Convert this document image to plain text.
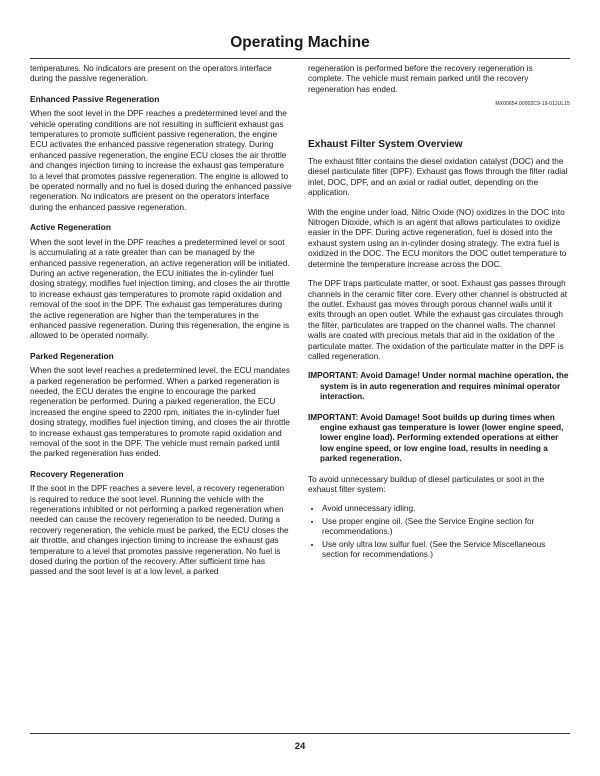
Operating Machine

temperatures. No indicators are present on the operators interface during the passive regeneration.

Enhanced Passive Regeneration

When the soot level in the DPF reaches a predetermined level and the vehicle operating conditions are not resulting in sufficient exhaust gas temperatures to promote sufficient passive regeneration, the engine ECU activates the enhanced passive regeneration strategy. During enhanced passive regeneration, the engine ECU closes the air throttle and changes injection timing to increase the exhaust gas temperature to a level that promotes passive regeneration. The engine is allowed to be operated normally and no fuel is dosed during the enhanced passive regeneration. No indicators are present on the operators interface during the enhanced passive regeneration.

Active Regeneration

When the soot level in the DPF reaches a predetermined level or soot is accumulating at a rate greater than can be managed by the enhanced passive regeneration, an active regeneration will be initiated. During an active regeneration, the ECU initiates the in-cylinder fuel dosing strategy, modifies fuel injection timing, and closes the air throttle to increase exhaust gas temperatures to promote rapid oxidation and removal of the soot in the DPF. The exhaust gas temperatures during the active regeneration are higher than the temperatures in the enhanced passive regeneration. During this regeneration, the engine is allowed to be operated normally.

Parked Regeneration

When the soot level reaches a predetermined level, the ECU mandates a parked regeneration be performed. When a parked regeneration is needed, the ECU derates the engine to encourage the parked regeneration be performed. During a parked regeneration, the ECU increased the engine speed to 2200 rpm, initiates the in-cylinder fuel dosing strategy, modifies fuel injection timing, and closes the air throttle to increase exhaust gas temperatures to promote rapid oxidation and removal of the soot in the DPF. The vehicle must remain parked until the parked regeneration has ended.

Recovery Regeneration

If the soot in the DPF reaches a severe level, a recovery regeneration is required to reduce the soot level. Running the vehicle with the regenerations inhibited or not performing a parked regeneration when needed can cause the recovery regeneration to be needed. During a recovery regeneration, the vehicle must be parked, the ECU closes the air throttle, and changes injection timing to increase the exhaust gas temperature to a level that promotes passive regeneration. No fuel is dosed during the portion of the recovery. After sufficient time has passed and the soot level is at a low level, a parked

regeneration is performed before the recovery regeneration is complete. The vehicle must remain parked until the recovery regeneration has ended.

MX00654,00002C9-19-01JUL15

Exhaust Filter System Overview

The exhaust filter contains the diesel oxidation catalyst (DOC) and the diesel particulate filter (DPF). Exhaust gas flows through the filter radial inlet, DOC, DPF, and an axial or radial outlet, depending on the application.

With the engine under load, Nitric Oxide (NO) oxidizes in the DOC into Nitrogen Dioxide, which is an agent that allows particulates to oxidize easier in the DPF. During active regeneration, fuel is dosed into the exhaust system using an in-cylinder dosing strategy. The extra fuel is oxidized in the DOC. The ECU monitors the DOC outlet temperature to determine the temperature increase across the DOC.

The DPF traps particulate matter, or soot. Exhaust gas passes through channels in the ceramic filter core. Every other channel is obstructed at the outlet. Exhaust gas moves through porous channel walls until it exits through an open outlet. While the exhaust gas circulates through the filter, particulates are trapped on the channel walls. The channel walls are coated with precious metals that aid in the oxidation of the particulate matter. The oxidation of the particulate matter in the DPF is called regeneration.

IMPORTANT: Avoid Damage! Under normal machine operation, the system is in auto regeneration and requires minimal operator interaction.

IMPORTANT: Avoid Damage! Soot builds up during times when engine exhaust gas temperature is lower (lower engine speed, lower engine load). Performing extended operations at either low engine speed, or low engine load, results in needing a parked regeneration.

To avoid unnecessary buildup of diesel particulates or soot in the exhaust filter system:

• Avoid unnecessary idling.
• Use proper engine oil. (See the Service Engine section for recommendations.)
• Use only ultra low sulfur fuel. (See the Service Miscellaneous section for recommendations.)
24
